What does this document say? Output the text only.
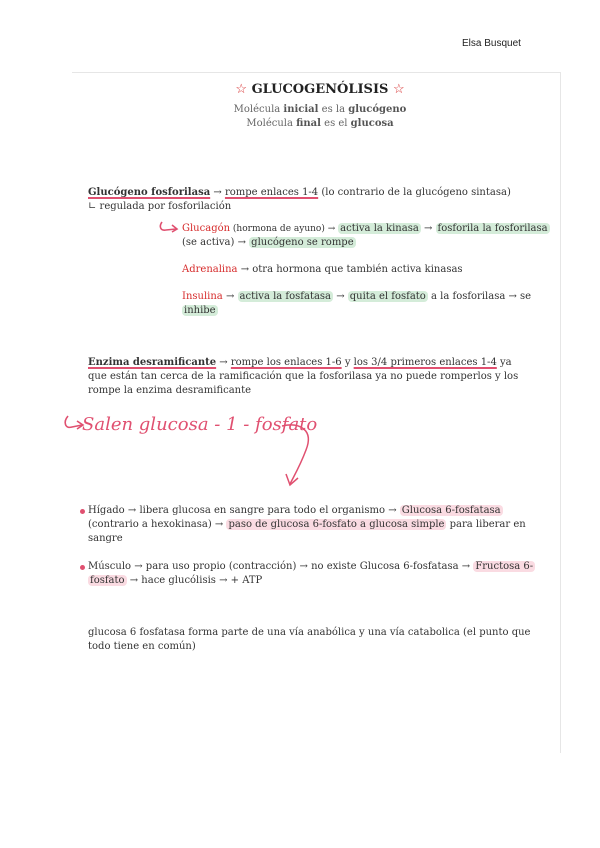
Elsa Busquet
☆ GLUCOGENÓLISIS ☆
Molécula inicial es la glucógeno
Molécula final es el glucosa
Glucógeno fosforilasa → rompe enlaces 1-4 (lo contrario de la glucógeno sintasa)
∟ regulada por fosforilación
Glucagón (hormona de ayuno) → activa la kinasa → fosforila la fosforilasa
(se activa) → glucógeno se rompe
Adrenalina → otra hormona que también activa kinasas
Insulina → activa la fosfatasa → quita el fosfato a la fosforilasa → se
inhibe
Enzima desramificante → rompe los enlaces 1-6 y los 3/4 primeros enlaces 1-4 ya
que están tan cerca de la ramificación que la fosforilasa ya no puede romperlos y los
rompe la enzima desramificante
Salen glucosa - 1 - fosfato
Hígado → libera glucosa en sangre para todo el organismo → Glucosa 6-fosfatasa
(contrario a hexokinasa) → paso de glucosa 6-fosfato a glucosa simple para liberar en
sangre
Músculo → para uso propio (contracción) → no existe Glucosa 6-fosfatasa → Fructosa 6-
fosfato → hace glucólisis → + ATP
glucosa 6 fosfatasa forma parte de una vía anabólica y una vía catabolica (el punto que
todo tiene en común)
